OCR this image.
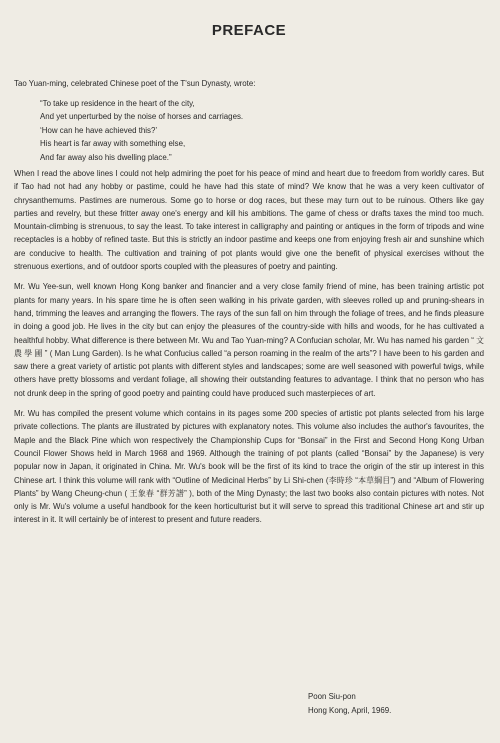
PREFACE

Tao Yuan-ming, celebrated Chinese poet of the T'sun Dynasty, wrote:

“To take up residence in the heart of the city,
And yet unperturbed by the noise of horses and carriages.
‘How can he have achieved this?’
His heart is far away with something else,
And far away also his dwelling place.”

When I read the above lines I could not help admiring the poet for his peace of mind and heart due to freedom from worldly cares. But if Tao had not had any hobby or pastime, could he have had this state of mind? We know that he was a very keen cultivator of chrysanthemums. Pastimes are numerous. Some go to horse or dog races, but these may turn out to be ruinous. Others like gay parties and revelry, but these fritter away one's energy and kill his ambitions. The game of chess or drafts taxes the mind too much. Mountain-climbing is strenuous, to say the least. To take interest in calligraphy and painting or antiques in the form of tripods and wine receptacles is a hobby of refined taste. But this is strictly an indoor pastime and keeps one from enjoying fresh air and sunshine which are conducive to health. The cultivation and training of pot plants would give one the benefit of physical exercises without the strenuous exertions, and of outdoor sports coupled with the pleasures of poetry and painting.

Mr. Wu Yee-sun, well known Hong Kong banker and financier and a very close family friend of mine, has been training artistic pot plants for many years. In his spare time he is often seen walking in his private garden, with sleeves rolled up and pruning-shears in hand, trimming the leaves and arranging the flowers. The rays of the sun fall on him through the foliage of trees, and he finds pleasure in doing a good job. He lives in the city but can enjoy the pleasures of the country-side with hills and woods, for he has cultivated a healthful hobby. What difference is there between Mr. Wu and Tao Yuan-ming? A Confucian scholar, Mr. Wu has named his garden “ 文 農 學 圃 ” ( Man Lung Garden). Is he what Confucius called “a person roaming in the realm of the arts”? I have been to his garden and saw there a great variety of artistic pot plants with different styles and landscapes; some are well seasoned with powerful twigs, while others have pretty blossoms and verdant foliage, all showing their outstanding features to advantage. I think that no person who has not drunk deep in the spring of good poetry and painting could have produced such masterpieces of art.

Mr. Wu has compiled the present volume which contains in its pages some 200 species of artistic pot plants selected from his large private collections. The plants are illustrated by pictures with explanatory notes. This volume also includes the author's favourites, the Maple and the Black Pine which won respectively the Championship Cups for “Bonsai” in the First and Second Hong Kong Urban Council Flower Shows held in March 1968 and 1969. Although the training of pot plants (called “Bonsai” by the Japanese) is very popular now in Japan, it originated in China. Mr. Wu's book will be the first of its kind to trace the origin of the stir up interest in this Chinese art. I think this volume will rank with “Outline of Medicinal Herbs” by Li Shi-chen (李時珍 “本草綱目”) and “Album of Flowering Plants” by Wang Cheung-chun ( 王象春 “群芳譜” ), both of the Ming Dynasty; the last two books also contain pictures with notes. Not only is Mr. Wu's volume a useful handbook for the keen horticulturist but it will serve to spread this traditional Chinese art and stir up interest in it. It will certainly be of interest to present and future readers.

Poon Siu-pon
Hong Kong, April, 1969.
